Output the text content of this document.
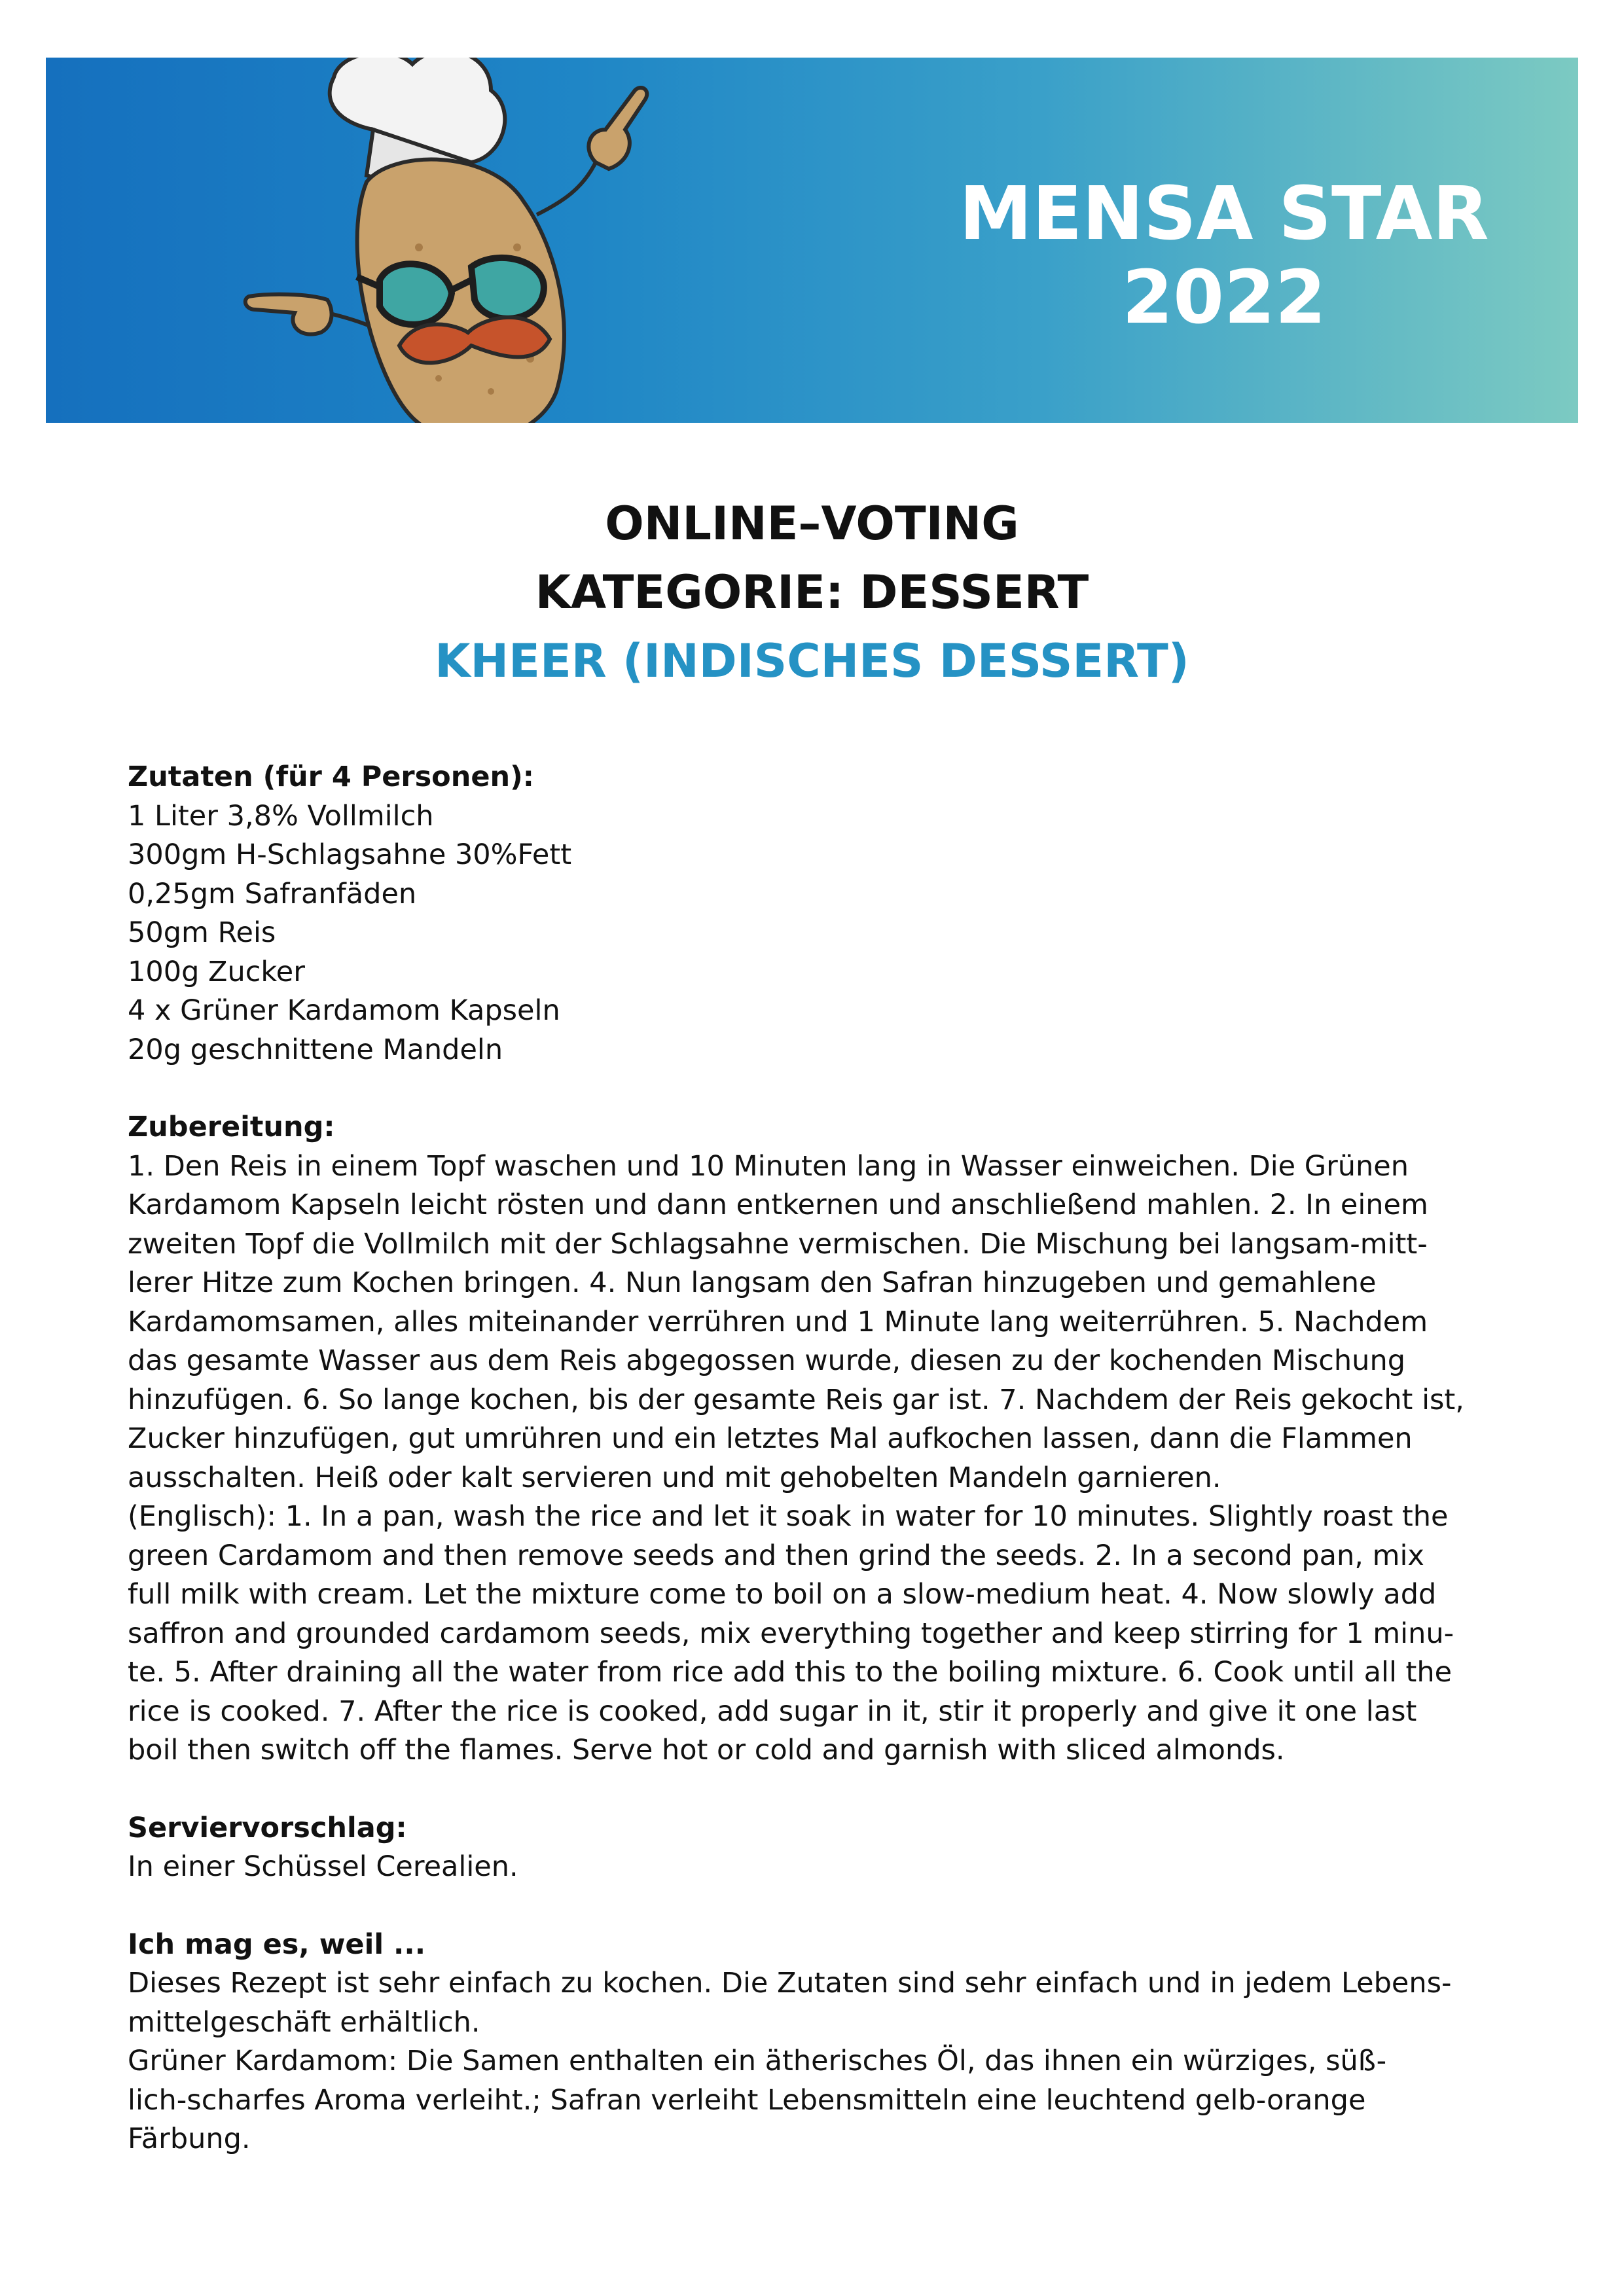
MENSA STAR
2022
ONLINE–VOTING
KATEGORIE: DESSERT
KHEER (INDISCHES DESSERT)
Zutaten (für 4 Personen):
1 Liter 3,8% Vollmilch
300gm H-Schlagsahne 30%Fett
0,25gm Safranfäden
50gm Reis
100g Zucker
4 x Grüner Kardamom Kapseln
20g geschnittene Mandeln
Zubereitung:

1. Den Reis in einem Topf waschen und 10 Minuten lang in Wasser einweichen. Die Grünen

Kardamom Kapseln leicht rösten und dann entkernen und anschließend mahlen. 2. In einem

zweiten Topf die Vollmilch mit der Schlagsahne vermischen. Die Mischung bei langsam-mitt-

lerer Hitze zum Kochen bringen. 4. Nun langsam den Safran hinzugeben und gemahlene

Kardamomsamen, alles miteinander verrühren und 1 Minute lang weiterrühren. 5. Nachdem

das gesamte Wasser aus dem Reis abgegossen wurde, diesen zu der kochenden Mischung

hinzufügen. 6. So lange kochen, bis der gesamte Reis gar ist. 7. Nachdem der Reis gekocht ist,

Zucker hinzufügen, gut umrühren und ein letztes Mal aufkochen lassen, dann die Flammen

ausschalten. Heiß oder kalt servieren und mit gehobelten Mandeln garnieren.

(Englisch): 1. In a pan, wash the rice and let it soak in water for 10 minutes. Slightly roast the

green Cardamom and then remove seeds and then grind the seeds. 2. In a second pan, mix

full milk with cream. Let the mixture come to boil on a slow-medium heat. 4. Now slowly add

saffron and grounded cardamom seeds, mix everything together and keep stirring for 1 minu-

te. 5. After draining all the water from rice add this to the boiling mixture. 6. Cook until all the

rice is cooked. 7. After the rice is cooked, add sugar in it, stir it properly and give it one last

boil then switch off the flames. Serve hot or cold and garnish with sliced almonds.

Serviervorschlag:

In einer Schüssel Cerealien.

Ich mag es, weil ...

Dieses Rezept ist sehr einfach zu kochen. Die Zutaten sind sehr einfach und in jedem Lebens-

mittelgeschäft erhältlich.

Grüner Kardamom: Die Samen enthalten ein ätherisches Öl, das ihnen ein würziges, süß-

lich-scharfes Aroma verleiht.; Safran verleiht Lebensmitteln eine leuchtend gelb-orange

Färbung.
